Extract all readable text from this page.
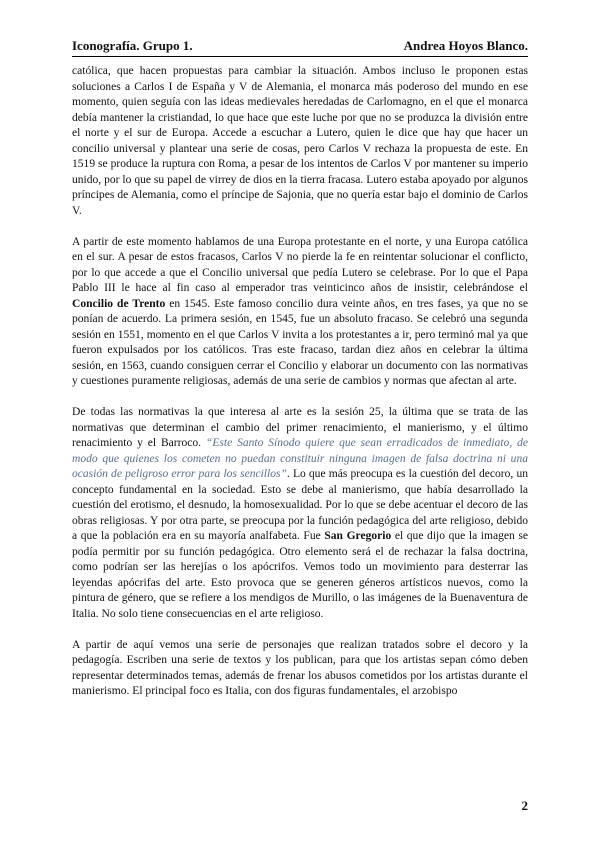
Iconografía. Grupo 1.	Andrea Hoyos Blanco.

católica, que hacen propuestas para cambiar la situación. Ambos incluso le proponen estas soluciones a Carlos I de España y V de Alemania, el monarca más poderoso del mundo en ese momento, quien seguía con las ideas medievales heredadas de Carlomagno, en el que el monarca debía mantener la cristiandad, lo que hace que este luche por que no se produzca la división entre el norte y el sur de Europa. Accede a escuchar a Lutero, quien le dice que hay que hacer un concilio universal y plantear una serie de cosas, pero Carlos V rechaza la propuesta de este. En 1519 se produce la ruptura con Roma, a pesar de los intentos de Carlos V por mantener su imperio unido, por lo que su papel de virrey de dios en la tierra fracasa. Lutero estaba apoyado por algunos príncipes de Alemania, como el príncipe de Sajonia, que no quería estar bajo el dominio de Carlos V.

A partir de este momento hablamos de una Europa protestante en el norte, y una Europa católica en el sur. A pesar de estos fracasos, Carlos V no pierde la fe en reintentar solucionar el conflicto, por lo que accede a que el Concilio universal que pedía Lutero se celebrase. Por lo que el Papa Pablo III le hace al fin caso al emperador tras veinticinco años de insistir, celebrándose el Concilio de Trento en 1545. Este famoso concilio dura veinte años, en tres fases, ya que no se ponían de acuerdo. La primera sesión, en 1545, fue un absoluto fracaso. Se celebró una segunda sesión en 1551, momento en el que Carlos V invita a los protestantes a ir, pero terminó mal ya que fueron expulsados por los católicos. Tras este fracaso, tardan diez años en celebrar la última sesión, en 1563, cuando consiguen cerrar el Concilio y elaborar un documento con las normativas y cuestiones puramente religiosas, además de una serie de cambios y normas que afectan al arte.

De todas las normativas la que interesa al arte es la sesión 25, la última que se trata de las normativas que determinan el cambio del primer renacimiento, el manierismo, y el último renacimiento y el Barroco. “Este Santo Sínodo quiere que sean erradicados de inmediato, de modo que quienes los cometen no puedan constituir ninguna imagen de falsa doctrina ni una ocasión de peligroso error para los sencillos”. Lo que más preocupa es la cuestión del decoro, un concepto fundamental en la sociedad. Esto se debe al manierismo, que había desarrollado la cuestión del erotismo, el desnudo, la homosexualidad. Por lo que se debe acentuar el decoro de las obras religiosas. Y por otra parte, se preocupa por la función pedagógica del arte religioso, debido a que la población era en su mayoría analfabeta. Fue San Gregorio el que dijo que la imagen se podía permitir por su función pedagógica. Otro elemento será el de rechazar la falsa doctrina, como podrían ser las herejías o los apócrifos. Vemos todo un movimiento para desterrar las leyendas apócrifas del arte. Esto provoca que se generen géneros artísticos nuevos, como la pintura de género, que se refiere a los mendigos de Murillo, o las imágenes de la Buenaventura de Italia. No solo tiene consecuencias en el arte religioso.

A partir de aquí vemos una serie de personajes que realizan tratados sobre el decoro y la pedagogía. Escriben una serie de textos y los publican, para que los artistas sepan cómo deben representar determinados temas, además de frenar los abusos cometidos por los artistas durante el manierismo. El principal foco es Italia, con dos figuras fundamentales, el arzobispo

2
